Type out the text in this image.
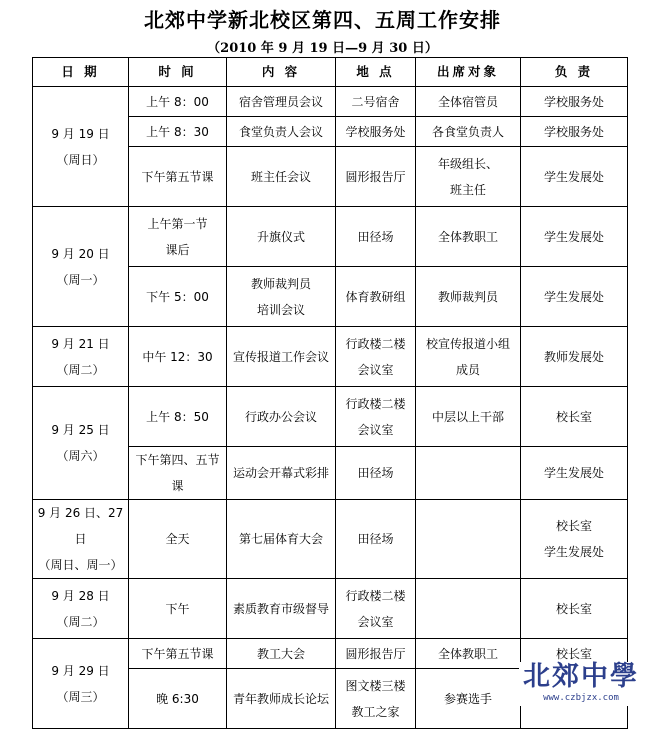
北郊中学新北校区第四、五周工作安排
（2010 年 9 月 19 日—9 月 30 日）
日 期	时 间	内 容	地 点	出席对象	负 责

9 月 19 日
（周日）	上午 8：00	宿舍管理员会议	二号宿舍	全体宿管员	学校服务处

	上午 8：30	食堂负责人会议	学校服务处	各食堂负责人	学校服务处

	下午第五节课	班主任会议	圆形报告厅	年级组长、
班主任	学生发展处

9 月 20 日
（周一）	上午第一节
课后	升旗仪式	田径场	全体教职工	学生发展处

	下午 5：00	教师裁判员
培训会议	体育教研组	教师裁判员	学生发展处

9 月 21 日
（周二）	中午 12：30	宣传报道工作会议	行政楼二楼
会议室	校宣传报道小组
成员	教师发展处

9 月 25 日
（周六）	上午 8：50	行政办公会议	行政楼二楼
会议室	中层以上干部	校长室

	下午第四、五节课	运动会开幕式彩排	田径场		学生发展处

9 月 26 日、27 日
（周日、周一）	全天	第七届体育大会	田径场		校长室
学生发展处

9 月 28 日
（周二）	下午	素质教育市级督导	行政楼二楼
会议室		校长室

9 月 29 日
（周三）	下午第五节课	教工大会	圆形报告厅	全体教职工	校长室

	晚 6:30	青年教师成长论坛	图文楼三楼
教工之家	参赛选手	

北郊中學
www.czbjzx.com
